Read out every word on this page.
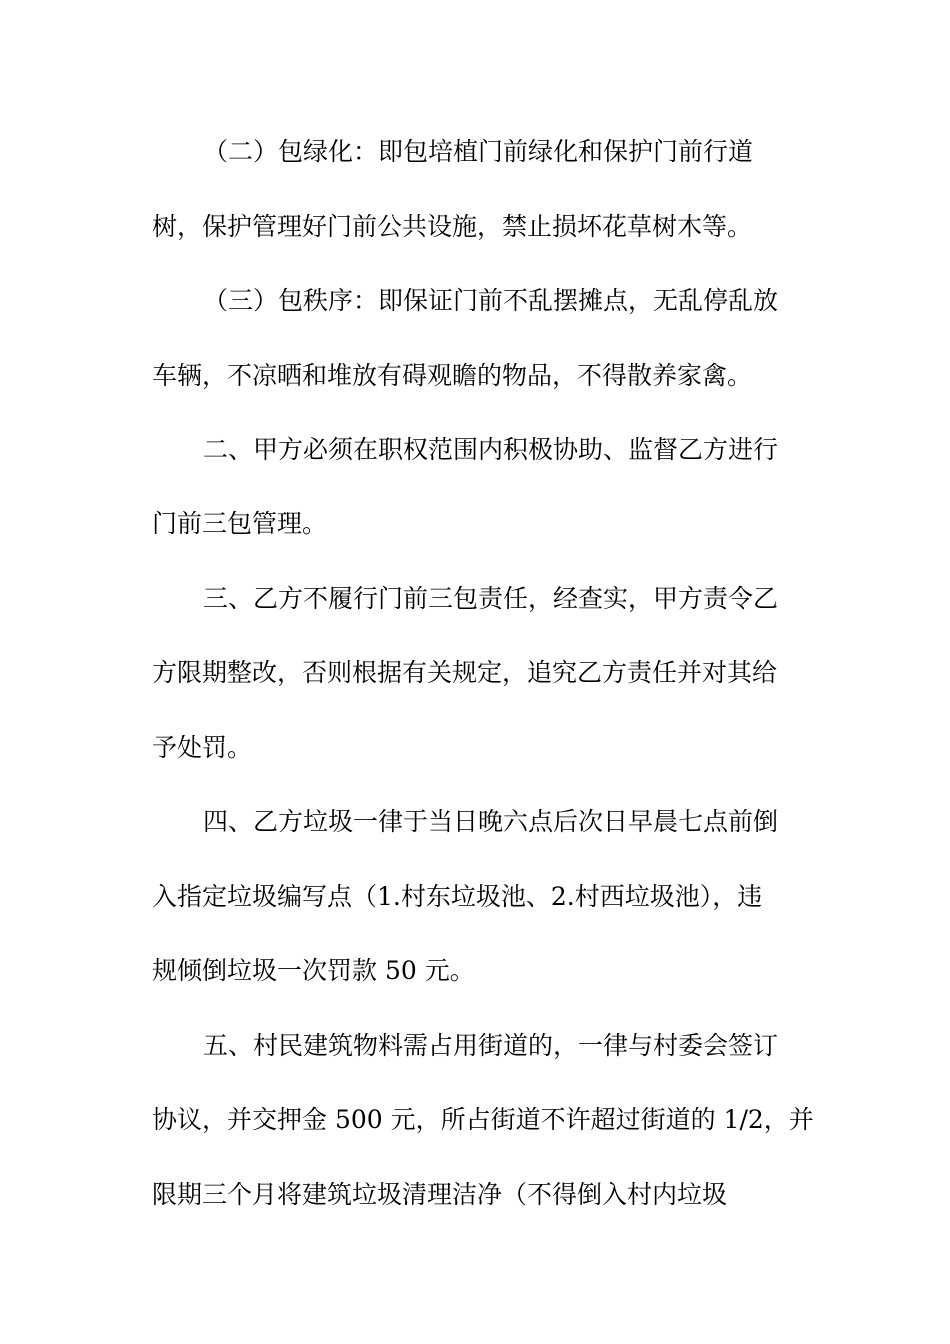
（二）包绿化：即包培植门前绿化和保护门前行道
树，保护管理好门前公共设施，禁止损坏花草树木等。
（三）包秩序：即保证门前不乱摆摊点，无乱停乱放
车辆，不凉晒和堆放有碍观瞻的物品，不得散养家禽。
二、甲方必须在职权范围内积极协助、监督乙方进行
门前三包管理。
三、乙方不履行门前三包责任，经查实，甲方责令乙
方限期整改，否则根据有关规定，追究乙方责任并对其给
予处罚。
四、乙方垃圾一律于当日晚六点后次日早晨七点前倒
入指定垃圾编写点（1.村东垃圾池、2.村西垃圾池），违
规倾倒垃圾一次罚款 50 元。
五、村民建筑物料需占用街道的，一律与村委会签订
协议，并交押金 500 元，所占街道不许超过街道的 1/2，并
限期三个月将建筑垃圾清理洁净（不得倒入村内垃圾
